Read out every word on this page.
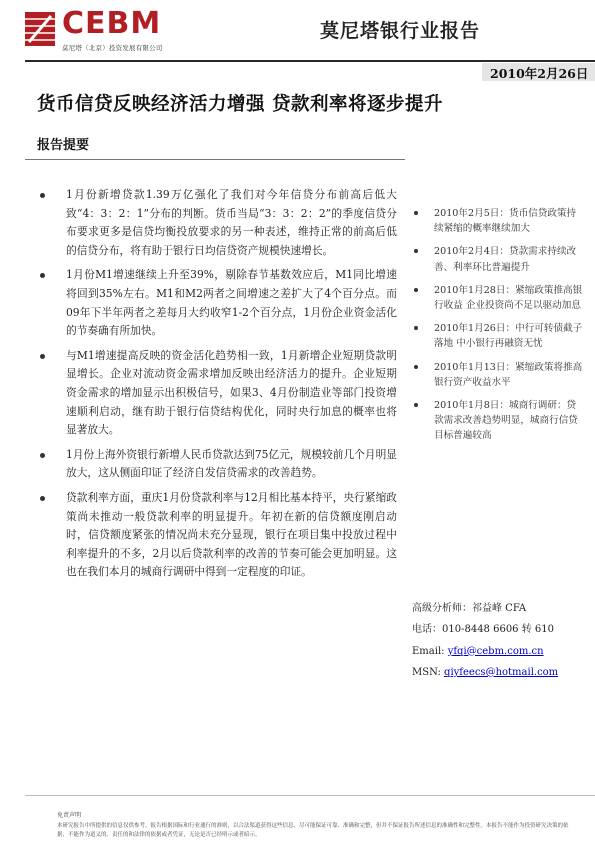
CEBM
莫尼塔（北京）投资发展有限公司
莫尼塔银行业报告
2010年2月26日
货币信贷反映经济活力增强 贷款利率将逐步提升
报告提要
1月份新增贷款1.39万亿强化了我们对今年信贷分布前高后低大致“4：3：2：1”分布的判断。货币当局“3：3：2：2”的季度信贷分布要求更多是信贷均衡投放要求的另一种表述，维持正常的前高后低的信贷分布，将有助于银行日均信贷资产规模快速增长。
1月份M1增速继续上升至39%，剔除春节基数效应后，M1同比增速将回到35%左右。M1和M2两者之间增速之差扩大了4个百分点。而09年下半年两者之差每月大约收窄1-2个百分点，1月份企业资金活化的节奏确有所加快。
与M1增速提高反映的资金活化趋势相一致，1月新增企业短期贷款明显增长。企业对流动资金需求增加反映出经济活力的提升。企业短期资金需求的增加显示出积极信号，如果3、4月份制造业等部门投资增速顺利启动，继有助于银行信贷结构优化，同时央行加息的概率也将显著放大。
1月份上海外资银行新增人民币贷款达到75亿元，规模较前几个月明显放大，这从侧面印证了经济自发信贷需求的改善趋势。
贷款利率方面，重庆1月份贷款利率与12月相比基本持平，央行紧缩政策尚未推动一般贷款利率的明显提升。年初在新的信贷额度刚启动时，信贷额度紧张的情况尚未充分显现，银行在项目集中投放过程中利率提升的不多，2月以后贷款利率的改善的节奏可能会更加明显。这也在我们本月的城商行调研中得到一定程度的印证。
2010年2月5日：货币信贷政策持续紧缩的概率继续加大
2010年2月4日：贷款需求持续改善、利率环比普遍提升
2010年1月28日：紧缩政策推高银行收益 企业投资尚不足以驱动加息
2010年1月26日：中行可转债截子落地 中小银行再融资无忧
2010年1月13日：紧缩政策将推高银行资产收益水平
2010年1月8日：城商行调研：贷款需求改善趋势明显，城商行信贷目标普遍较高
高级分析师：祁益峰 CFA
电话：010-8448 6606 转 610
Email: yfqi@cebm.com.cn
MSN: qiyfeecs@hotmail.com
免责声明
本研究报告中所提供的信息仅供参考。报告根据国际和行业通行的准则，以合法渠道获得这些信息，尽可能保证可靠、准确和完整，但并不保证报告所述信息的准确性和完整性。本报告不能作为投资研究决策的依据，不能作为道义的、责任的和法律的依据或者凭证，无论是否已经明示或者暗示。
